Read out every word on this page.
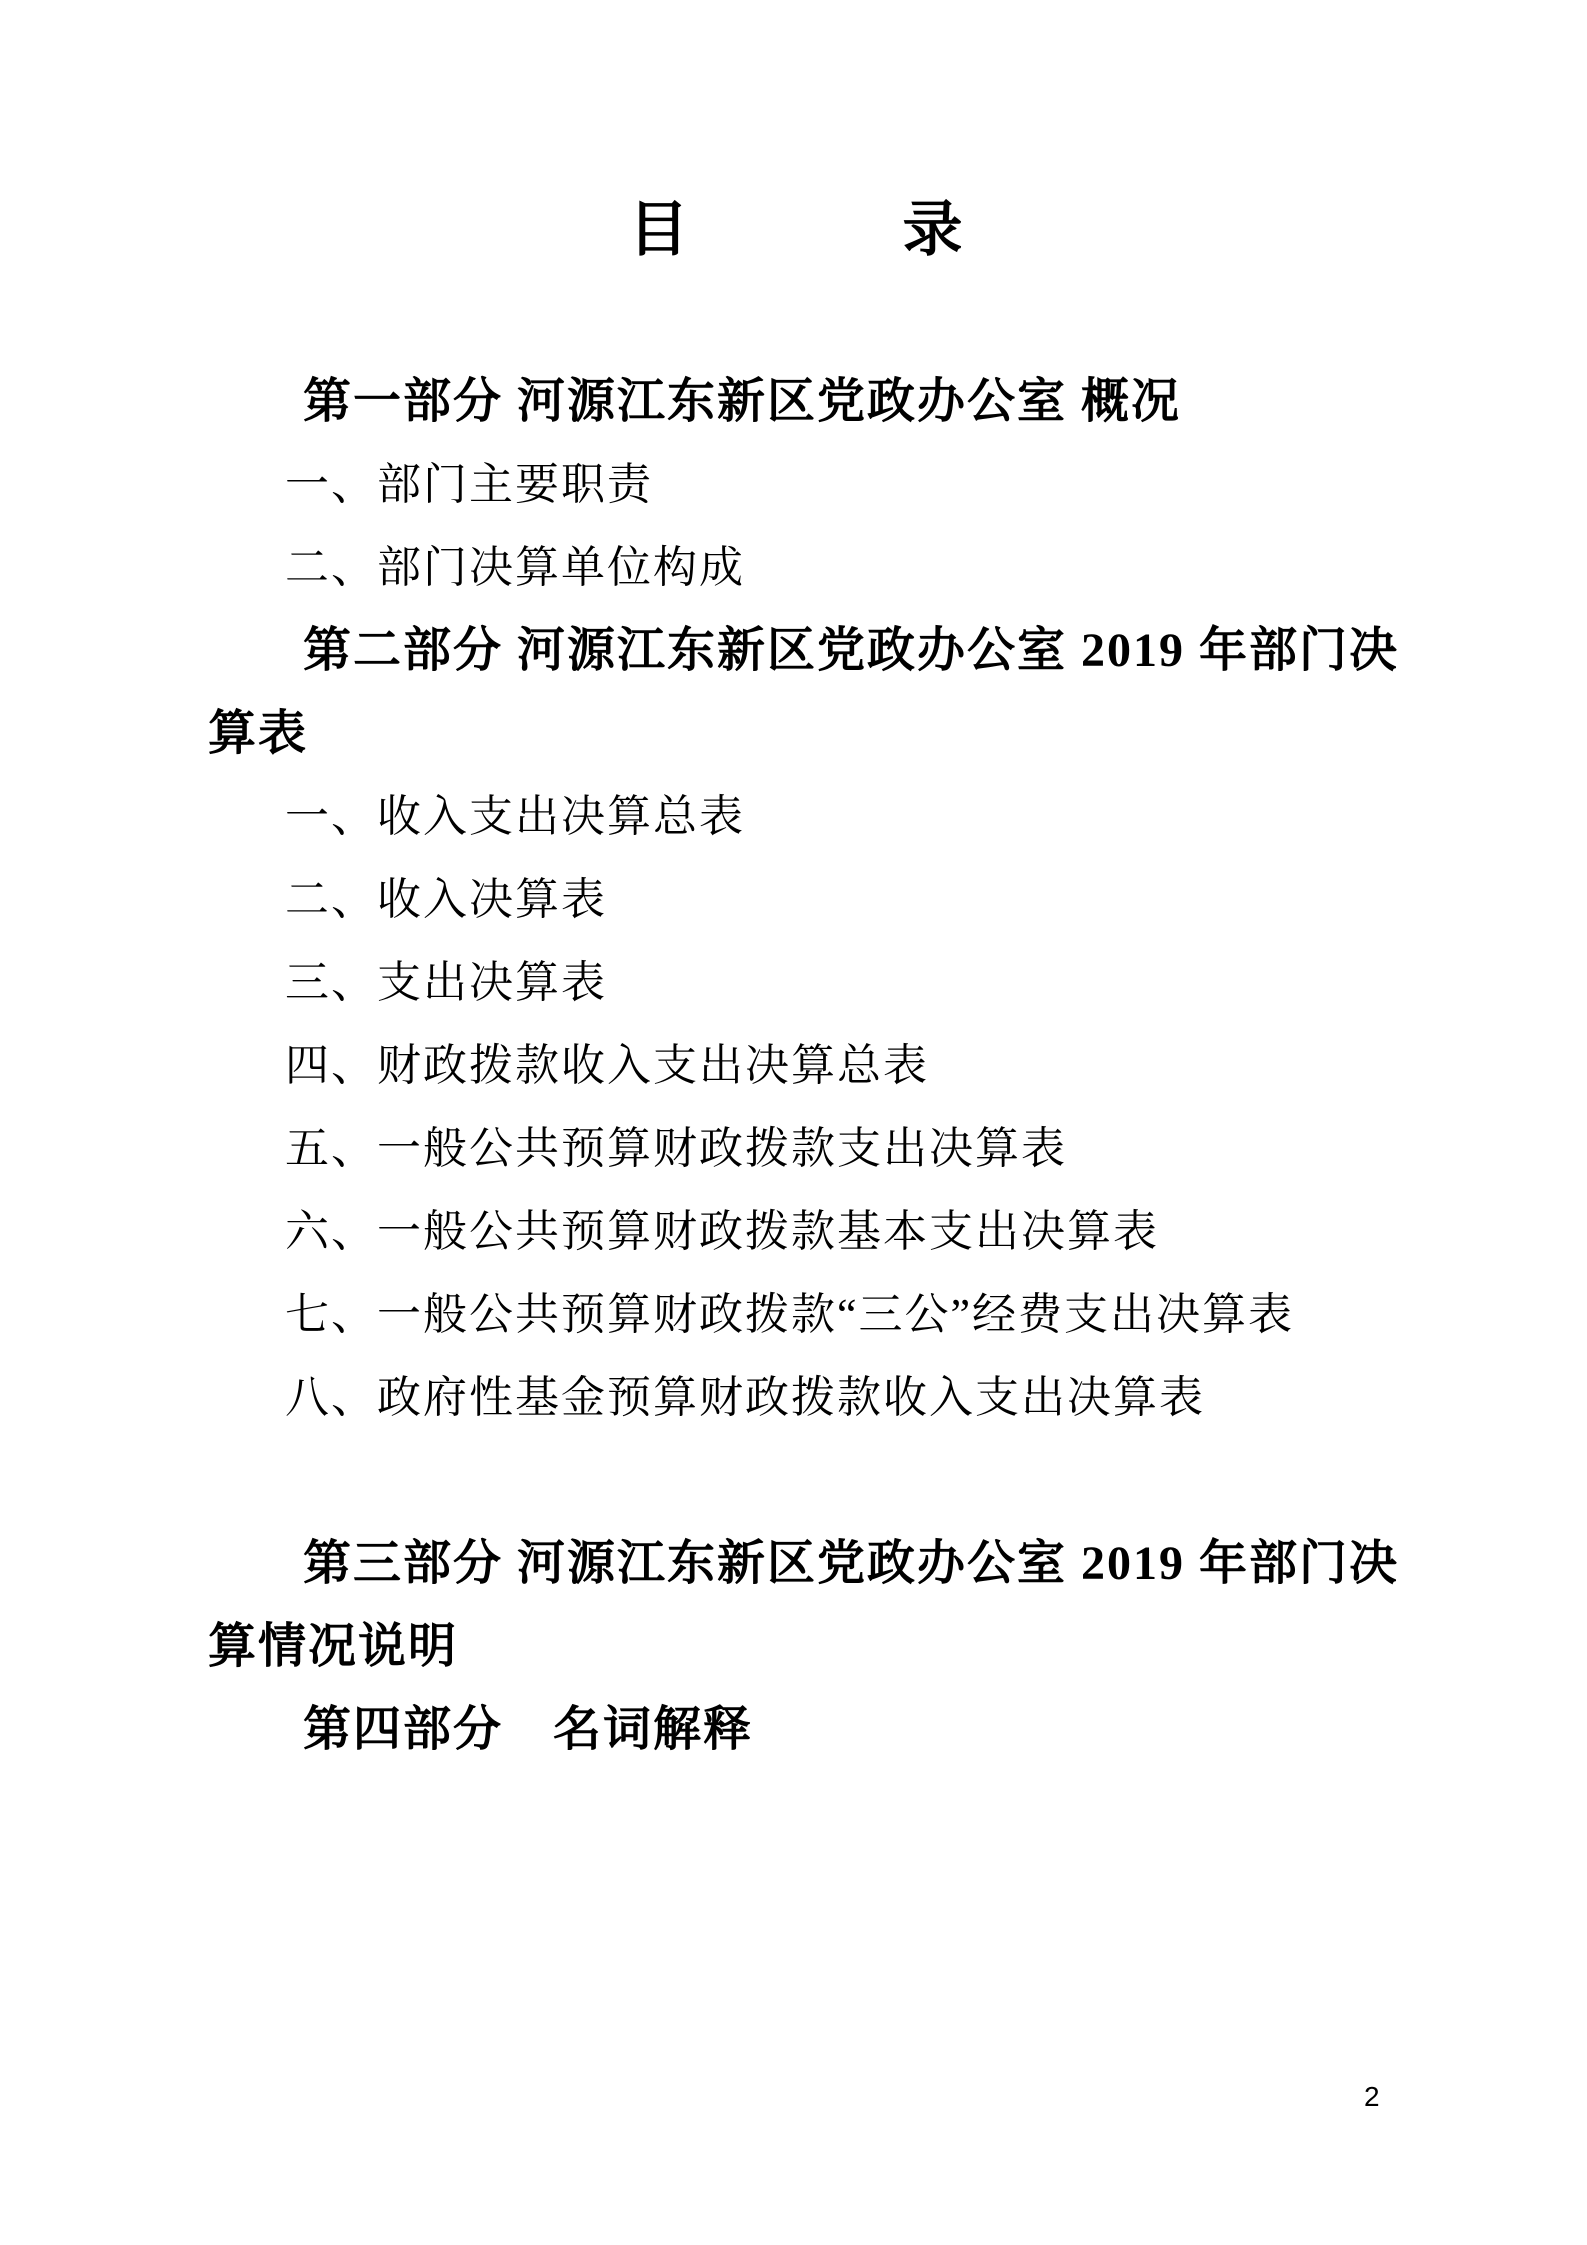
目	录
第一部分 河源江东新区党政办公室 概况
一、部门主要职责
二、部门决算单位构成
第二部分 河源江东新区党政办公室 2019 年部门决
算表
一、收入支出决算总表
二、收入决算表
三、支出决算表
四、财政拨款收入支出决算总表
五、一般公共预算财政拨款支出决算表
六、一般公共预算财政拨款基本支出决算表
七、一般公共预算财政拨款“三公”经费支出决算表
八、政府性基金预算财政拨款收入支出决算表
第三部分 河源江东新区党政办公室 2019 年部门决
算情况说明
第四部分　名词解释
2
